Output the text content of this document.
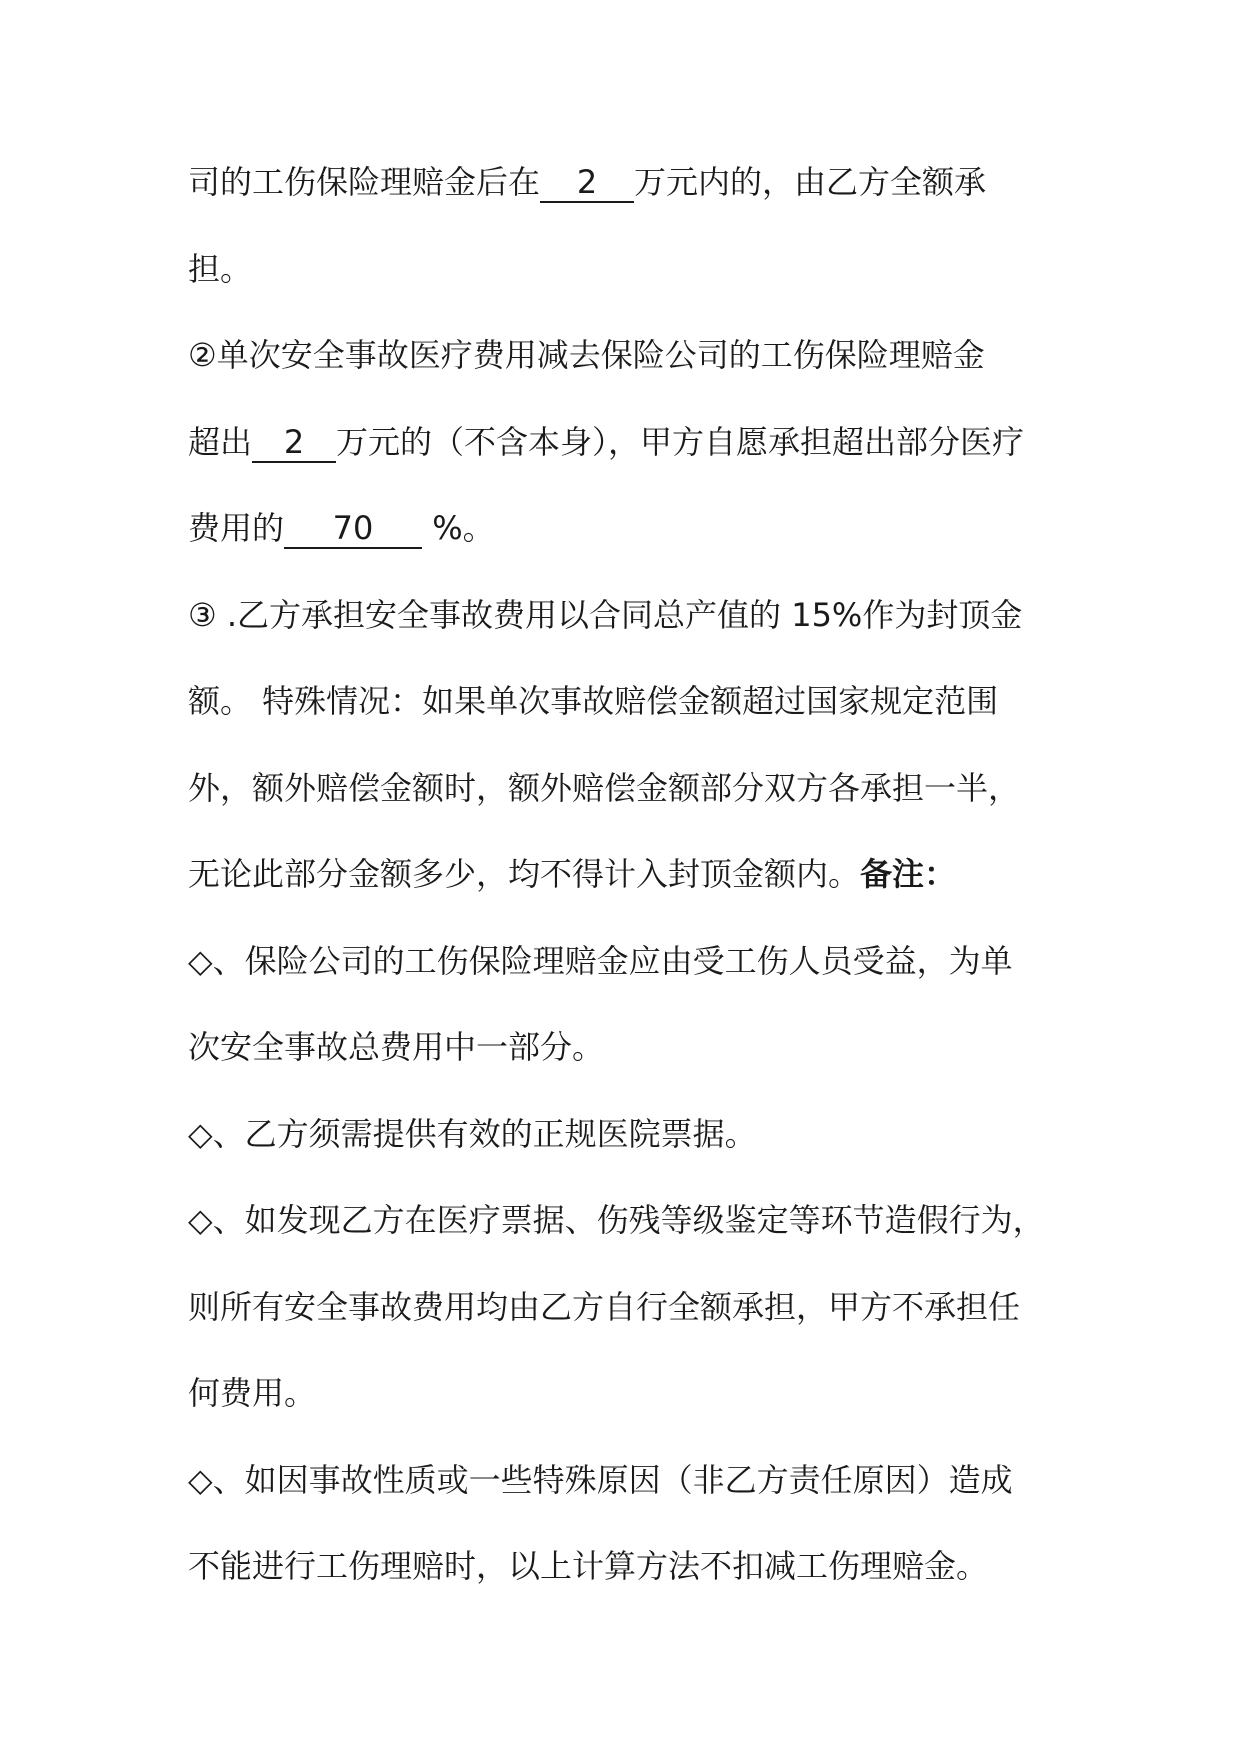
司的工伤保险理赔金后在 2 万元内的，由乙方全额承
担。
②单次安全事故医疗费用减去保险公司的工伤保险理赔金
超出 2 万元的（不含本身），甲方自愿承担超出部分医疗
费用的 70 %。
③ .乙方承担安全事故费用以合同总产值的 15%作为封顶金
额。 特殊情况：如果单次事故赔偿金额超过国家规定范围
外，额外赔偿金额时，额外赔偿金额部分双方各承担一半，
无论此部分金额多少，均不得计入封顶金额内。备注：
◇、保险公司的工伤保险理赔金应由受工伤人员受益，为单
次安全事故总费用中一部分。
◇、乙方须需提供有效的正规医院票据。
◇、如发现乙方在医疗票据、伤残等级鉴定等环节造假行为，
则所有安全事故费用均由乙方自行全额承担，甲方不承担任
何费用。
◇、如因事故性质或一些特殊原因（非乙方责任原因）造成
不能进行工伤理赔时，以上计算方法不扣减工伤理赔金。
